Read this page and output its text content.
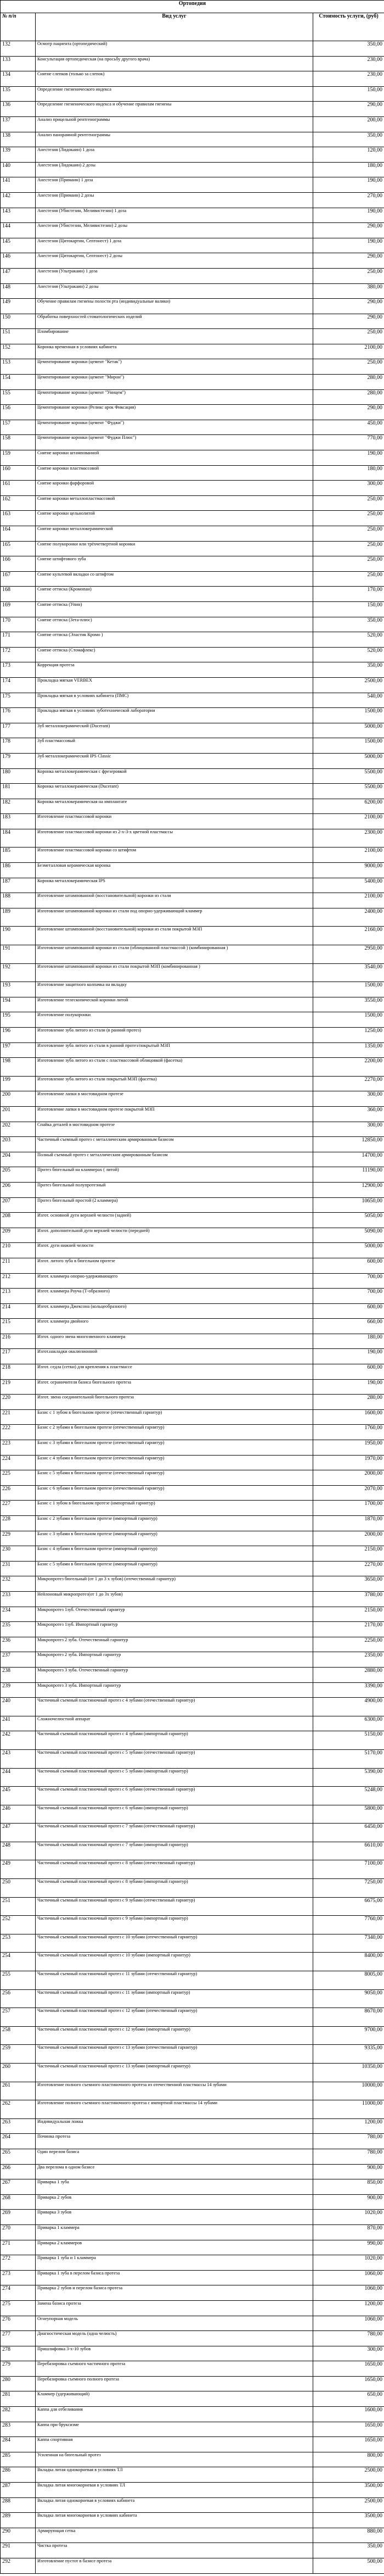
Ортопедия		
№ п/п	Вид услуг	Стоимость услуги, (руб)
132	Осмотр пациента (ортопедический)	350,00
133	Консультация ортопедическая (на просьбу другого врача)	230,00
134	Снятие слепков (только за слепок)	230,00
135	Определение гигиенического индекса	150,00
136	Определение гигиенического индекса и обучение правилам гигиены	290,00
137	Анализ прицельной рентгенограммы	200,00
138	Анализ панорамной рентгенограммы	350,00
139	Анестезия (Лидокаин) 1 доза	120,00
140	Анестезия (Лидокаин) 2 дозы	180,00
141	Анестезия (Примаин) 1 доза	190,00
142	Анестезия (Примаин) 2 дозы	270,00
143	Анестезия (Убистезин, Меливистезин) 1 доза	190,00
144	Анестезия (Убистезин, Меливистезин) 2 дозы	290,00
145	Анестезия (Цитокартин, Септонест) 1 доза	190,00
146	Анестезия (Цитокартин, Септонест) 2 дозы	290,00
147	Анестезия (Ультракаин) 1 доза	250,00
148	Анестезия (Ультракаин) 2 дозы	380,00
149	Обучение правилам гигиены полости рта (индивидуальные валики)	290,00
150	Обработка поверхностей стоматологических изделий	290,00
151	Пломбирование	250,00
152	Коронка временная в условиях кабинета	2100,00
153	Цементирование коронки (цемент "Кетак")	250,00
154	Цементирование коронки (цемент "Мирон")	280,00
155	Цементирование коронки (цемент "Уницем")	280,00
156	Цементирование коронки (Реликс арок Фиксация)	290,00
157	Цементирование коронки (цемент "Фуджи")	450,00
158	Цементирование коронки (цемент "Фуджи Плюс")	770,00
159	Снятие коронки штампованной	190,00
160	Снятие коронки пластмассовой	180,00
161	Снятие коронки фарфоровой	300,00
162	Снятие коронки металлопластмассовой	250,00
163	Снятие коронки цельнолитой	250,00
164	Снятие коронки металлокерамической	250,00
165	Снятие полукоронки или трёхчетвертной коронки	250,00
166	Снятие штифтового зуба	250,00
167	Снятие культевой вкладки со штифтом	250,00
168	Снятие оттиска (Кромопан)	170,00
169	Снятие оттиска (Упин)	150,00
170	Снятие оттиска (Зета-плюс)	350,00
171	Снятие оттиска (Эластик Кромо )	520,00
172	Снятие оттиска (Стомафлекс)	520,00
173	Коррекция протеза	350,00
174	Прокладка мягкая VERBEX	2500,00
175	Прокладка мягкая в условиях кабинета (ПМС)	540,00
176	Прокладка мягкая в условиях зуботехнической лаборатории	1500,00
177	Зуб металлокерамический (Ducerant)	5000,00
178	Зуб пластмассовый	1500,00
179	Зуб металлокерамический IPS Classic	5000,00
180	Коронка металлокерамическая с фрезеровкой	5500,00
181	Коронка металлокерамическая (Ducerant)	5500,00
182	Коронка металлокерамическая на имплантате	6200,00
183	Изготовление пластмассовой коронки	2100,00
184	Изготовление пластмассовой коронки из 2-х-3-х цветной пластмассы	2300,00
185	Изготовление пластмассовой коронки со штифтом	2100,00
186	Безметалловая керамическая коронка	9000,00
187	Коронка металлокерамическая IPS	5400,00
188	Изготовление штампованной (восстановительной) коронки из стали	2100,00
189	Изготовление штампованной коронки из стали под опорно-удерживающий кламмер	2400,00
190	Изготовление штампованной (восстановительной) коронки из стали покрытой МЗП	2160,00
191	Изготовление штампованной коронки из стали (облицованной пластмассой ) (комбинированная )	2950,00
192	Изготовление штампованной коронки из стали покрытой МЗП (комбинированная )	3540,00
193	Изготовление защитного колпачка на вкладку	1500,00
194	Изготовление телескопической коронки литой	3550,00
195	Изготовление полукоронки	1500,00
196	Изготовление зуба литого из стали (в ранний протез)	1250,00
197	Изготовление зуба литого из стали в ранний протез/покрытый МЗП	1350,00
198	Изготовление зуба литого из стали с пластмассовой облицовкой (фасетка)	2200,00
199	Изготовление зуба литого из стали покрытый МЗП (фасетка)	2270,00
200	Изготовление лапки в мостовидном протезе	300,00
201	Изготовление лапки в мостовидном протезе покрытой МЗП	360,00
202	Спайка деталей в мостовидном протезе	300,00
203	Частичный съемный протез с металлическим армированным базисом	12850,00
204	Полный съемный протез с металлическим армированным базисом	14700,00
205	Протез бюгельный на кламмерах ( литой)	11190,00
206	Протез бюгельный полупротезный	12900,00
207	Протез бюгельный простой (2 кламмера)	10650,00
208	Изгот. основной дуги верхней челюсти (задней)	5050,00
209	Изгот. дополнительной дуги верхней челюсти (передней)	5090,00
210	Изгот. дуги нижней челюсти	5000,00
211	Изгот. литого зуба в бюгельном протезе	600,00
212	Изгот. кламмера опорно-удерживающего	700,00
213	Изгот. кламмера Роуча (Т-образного)	700,00
214	Изгот. кламмера Джексона (кольцеобразного)	600,00
215	Изгот. кламмера двойного	660,00
216	Изгот. одного звена многозвенного кламмера	180,00
217	Изгот.накладки окклюзионной	190,00
218	Изгот. седла (сетки) для крепления к пластмассе	600,00
219	Изгот. ограничителя базиса бюгельного протеза	190,00
220	Изгот. звена соединительной бюгельного протеза	280,00
221	Базис с 1 зубом в бюгельном протезе (отечественный гарнитур)	1600,00
222	Базис с 2 зубами в бюгельном протезе (отечественный гарнитур)	1760,00
223	Базис с 3 зубами в бюгельном протезе (отечественный гарнитур)	1950,00
224	Базис с 4 зубами в бюгельном протезе (отечественный гарнитур)	1970,00
225	Базис с 5 зубами в бюгельном протезе (отечественный гарнитур)	2000,00
226	Базис с 6 зубами в бюгельном протезе (отечественный гарнитур)	2070,00
227	Базис с 1 зубом в бюгельном протезе (импортный гарнитур)	1700,00
228	Базис с 2 зубами в бюгельном протезе (импортный гарнитур)	1870,00
229	Базис с 3 зубами в бюгельном протезе (импортный гарнитур)	2000,00
230	Базис с 4 зубами в бюгельном протезе (импортный гарнитур)	2150,00
231	Базис с 5 зубами в бюгельном протезе (импортный гарнитур)	2270,00
232	Микропротез бюгельный (от 1 до 3 х зубов) (отечественный гарнитур)	3650,00
233	Нейлоновый микропротез(от 1 до 3х зубов)	3780,00
234	Микропротез 1зуб. Отечественный гарнитур	2150,00
235	Микропротез 1зуб. Импортный гарнитур	2170,00
236	Микропротез 2 зуба. Отечественный гарнитур	2250,00
237	Микропротез 2 зуба. Импортный гарнитур	2350,00
238	Микропротез 3 зуба. Отечественный гарнитур	2880,00
239	Микропротез 3 зуба. Импортный гарнитур	3390,00
240	Частичный съемный пластиночный протез с 4 зубами (отечественный гарнитур)	4900,00
241	Сложночелюстной аппарат	6300,00
242	Частичный съемный пластиночный протез с 4 зубами (импортный гарнитур)	5150,00
243	Частичный съемный пластиночный протез с 5 зубами (отечественный гарнитур)	5170,00
244	Частичный съемный пластиночный протез с 5 зубами (импортный гарнитур)	5390,00
245	Частичный съемный пластиночный протез с 6 зубами (отечественный гарнитур)	5248,00
246	Частичный съемный пластиночный протез с 6 зубами (импортный гарнитур)	5800,00
247	Частичный съемный пластиночный протез с 7 зубами (отечественный гарнитур)	6450,00
248	Частичный съемный пластиночный протез с 7 зубами (импортный гарнитур)	6610,00
249	Частичный съемный пластиночный протез с 8 зубами (отечественный гарнитур)	7100,00
250	Частичный съемный пластиночный протез с 8 зубами (импортный гарнитур)	7250,00
251	Частичный съемный пластиночный протез с 9 зубами (отечественный гарнитур)	6675,00
252	Частичный съемный пластиночный протез с 9 зубами (импортный гарнитур)	7760,00
253	Частичный съемный пластиночный протез с 10 зубами (отечественный гарнитур)	7340,00
254	Частичный съемный пластиночный протез с 10 зубами (импортный гарнитур)	8400,00
255	Частичный съемный пластиночный протез с 11 зубами (отечественный гарнитур)	8005,00
256	Частичный съемный пластиночный протез с 11 зубами (импортный гарнитур)	9050,00
257	Частичный съемный пластиночный протез с 12 зубами (отечественный гарнитур)	8670,00
258	Частичный съемный пластиночный протез с 12 зубами (импортный гарнитур)	9700,00
259	Частичный съемный пластиночный протез с 13 зубами (отечественный гарнитур)	9335,00
260	Частичный съемный пластиночный протез с 13 зубами (импортный гарнитур)	10350,00
261	Изготовление полного съемного пластиночного протеза из отечественной пластмассы 14 зубами	10000,00
262	Изготовление полного съемного пластиночного протеза с импортной пластмассы 14 зубами	11000,00
263	Индивидуальная ложка	1200,00
264	Починка протеза	780,00
265	Один перелом базиса	780,00
266	Два перелома в одном базисе	900,00
267	Приварка 1 зуба	850,00
268	Приварка 2 зубов	900,00
269	Приварка 3 зубов	1020,00
270	Приварка 1 кламмера	870,00
271	Приварка 2 кламмеров	990,00
272	Приварка 1 зуба и 1 кламмера	1020,00
273	Приварка 1 зуба в перелом базиса протеза	1060,00
274	Приварка 2 зубов и перелом базиса протеза	1060,00
275	Замена базиса протеза	1200,00
276	Огнеупорная модель	1060,00
277	Диагностическая модель (одна челюсть)	780,00
278	Пришлифовка 3-х-10 зубов	300,00
279	Перебазировка съемного частичного протеза	1650,00
280	Перебазировка съемного полного протеза	1650,00
281	Кламмер (удерживающий)	650,00
282	Каппа для отбеливания	1600,00
283	Каппа при бруксизме	1650,00
284	Каппа спортивная	1650,00
285	Усиленная на бюгельный протез	800,00
286	Вкладка литая однокорневая в условиях ТЛ	2500,00
287	Вкладка литая многокорневая в условиях ТЛ	3500,00
288	Вкладка литая однокорневая в условиях кабинета	2500,00
289	Вкладка литая многокорневая в условиях кабинета	3500,00
290	Армирующая сетка	880,00
291	Чистка протеза	350,00
292	Изготовление пустот в базисе протеза	500,00
